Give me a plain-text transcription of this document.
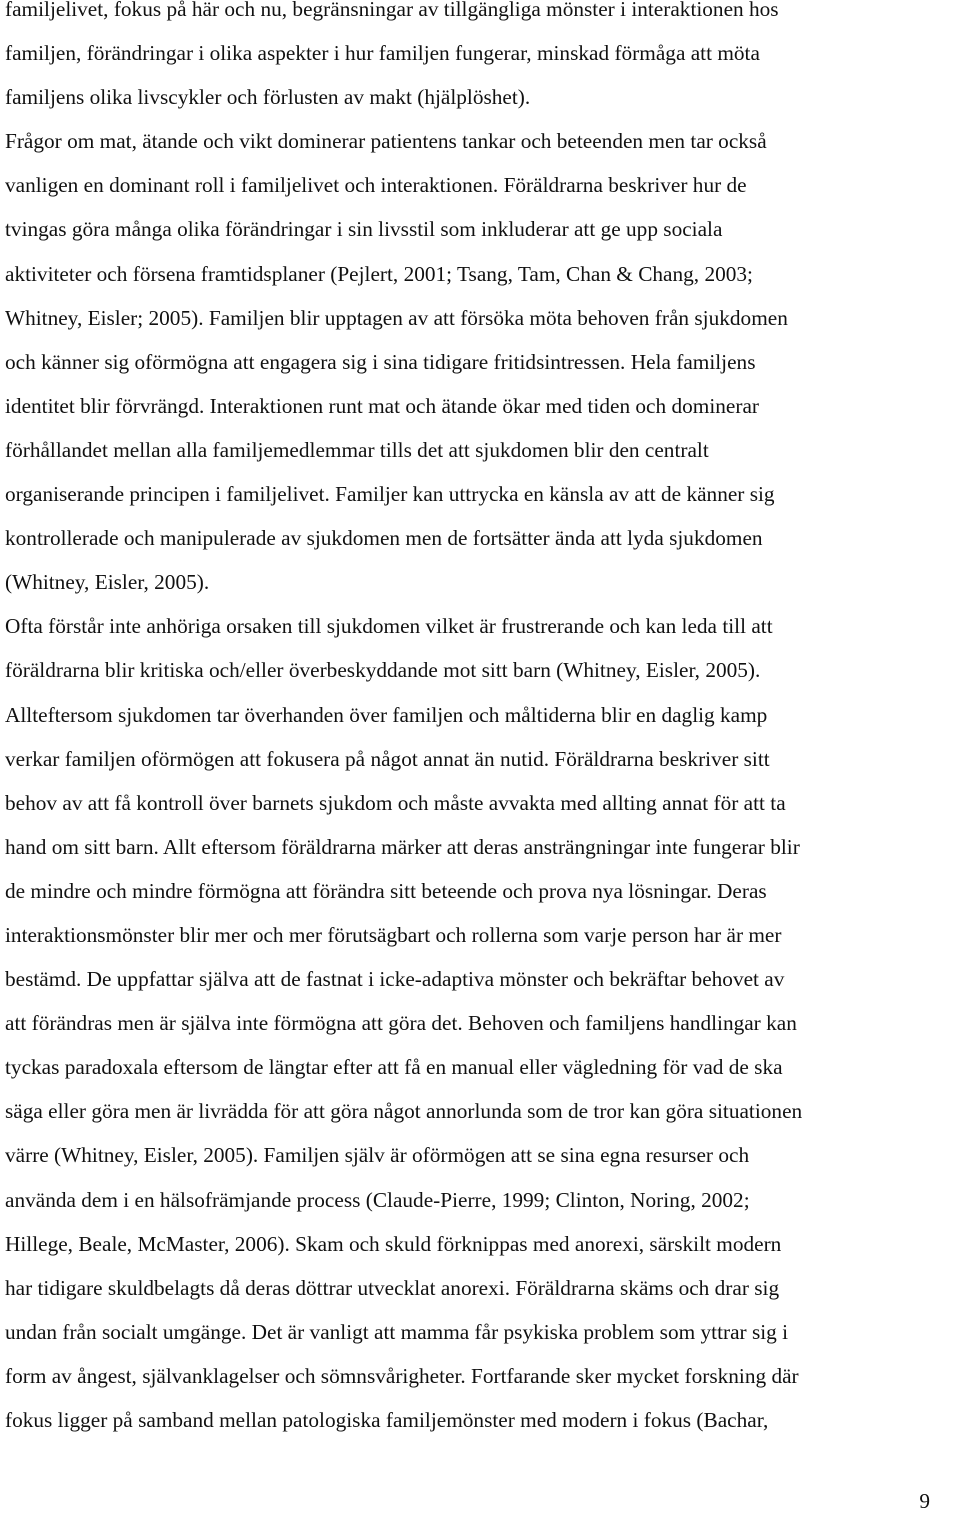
familjelivet, fokus på här och nu, begränsningar av tillgängliga mönster i interaktionen hos
familjen, förändringar i olika aspekter i hur familjen fungerar, minskad förmåga att möta
familjens olika livscykler och förlusten av makt (hjälplöshet).
Frågor om mat, ätande och vikt dominerar patientens tankar och beteenden men tar också
vanligen en dominant roll i familjelivet och interaktionen. Föräldrarna beskriver hur de
tvingas göra många olika förändringar i sin livsstil som inkluderar att ge upp sociala
aktiviteter och försena framtidsplaner (Pejlert, 2001; Tsang, Tam, Chan & Chang, 2003;
Whitney, Eisler; 2005). Familjen blir upptagen av att försöka möta behoven från sjukdomen
och känner sig oförmögna att engagera sig i sina tidigare fritidsintressen. Hela familjens
identitet blir förvrängd. Interaktionen runt mat och ätande ökar med tiden och dominerar
förhållandet mellan alla familjemedlemmar tills det att sjukdomen blir den centralt
organiserande principen i familjelivet. Familjer kan uttrycka en känsla av att de känner sig
kontrollerade och manipulerade av sjukdomen men de fortsätter ända att lyda sjukdomen
(Whitney, Eisler, 2005).
Ofta förstår inte anhöriga orsaken till sjukdomen vilket är frustrerande och kan leda till att
föräldrarna blir kritiska och/eller överbeskyddande mot sitt barn (Whitney, Eisler, 2005).
Allteftersom sjukdomen tar överhanden över familjen och måltiderna blir en daglig kamp
verkar familjen oförmögen att fokusera på något annat än nutid. Föräldrarna beskriver sitt
behov av att få kontroll över barnets sjukdom och måste avvakta med allting annat för att ta
hand om sitt barn. Allt eftersom föräldrarna märker att deras ansträngningar inte fungerar blir
de mindre och mindre förmögna att förändra sitt beteende och prova nya lösningar. Deras
interaktionsmönster blir mer och mer förutsägbart och rollerna som varje person har är mer
bestämd. De uppfattar själva att de fastnat i icke-adaptiva mönster och bekräftar behovet av
att förändras men är själva inte förmögna att göra det. Behoven och familjens handlingar kan
tyckas paradoxala eftersom de längtar efter att få en manual eller vägledning för vad de ska
säga eller göra men är livrädda för att göra något annorlunda som de tror kan göra situationen
värre (Whitney, Eisler, 2005). Familjen själv är oförmögen att se sina egna resurser och
använda dem i en hälsofrämjande process (Claude-Pierre, 1999; Clinton, Noring, 2002;
Hillege, Beale, McMaster, 2006). Skam och skuld förknippas med anorexi, särskilt modern
har tidigare skuldbelagts då deras döttrar utvecklat anorexi. Föräldrarna skäms och drar sig
undan från socialt umgänge. Det är vanligt att mamma får psykiska problem som yttrar sig i
form av ångest, självanklagelser och sömnsvårigheter. Fortfarande sker mycket forskning där
fokus ligger på samband mellan patologiska familjemönster med modern i fokus (Bachar,
9
